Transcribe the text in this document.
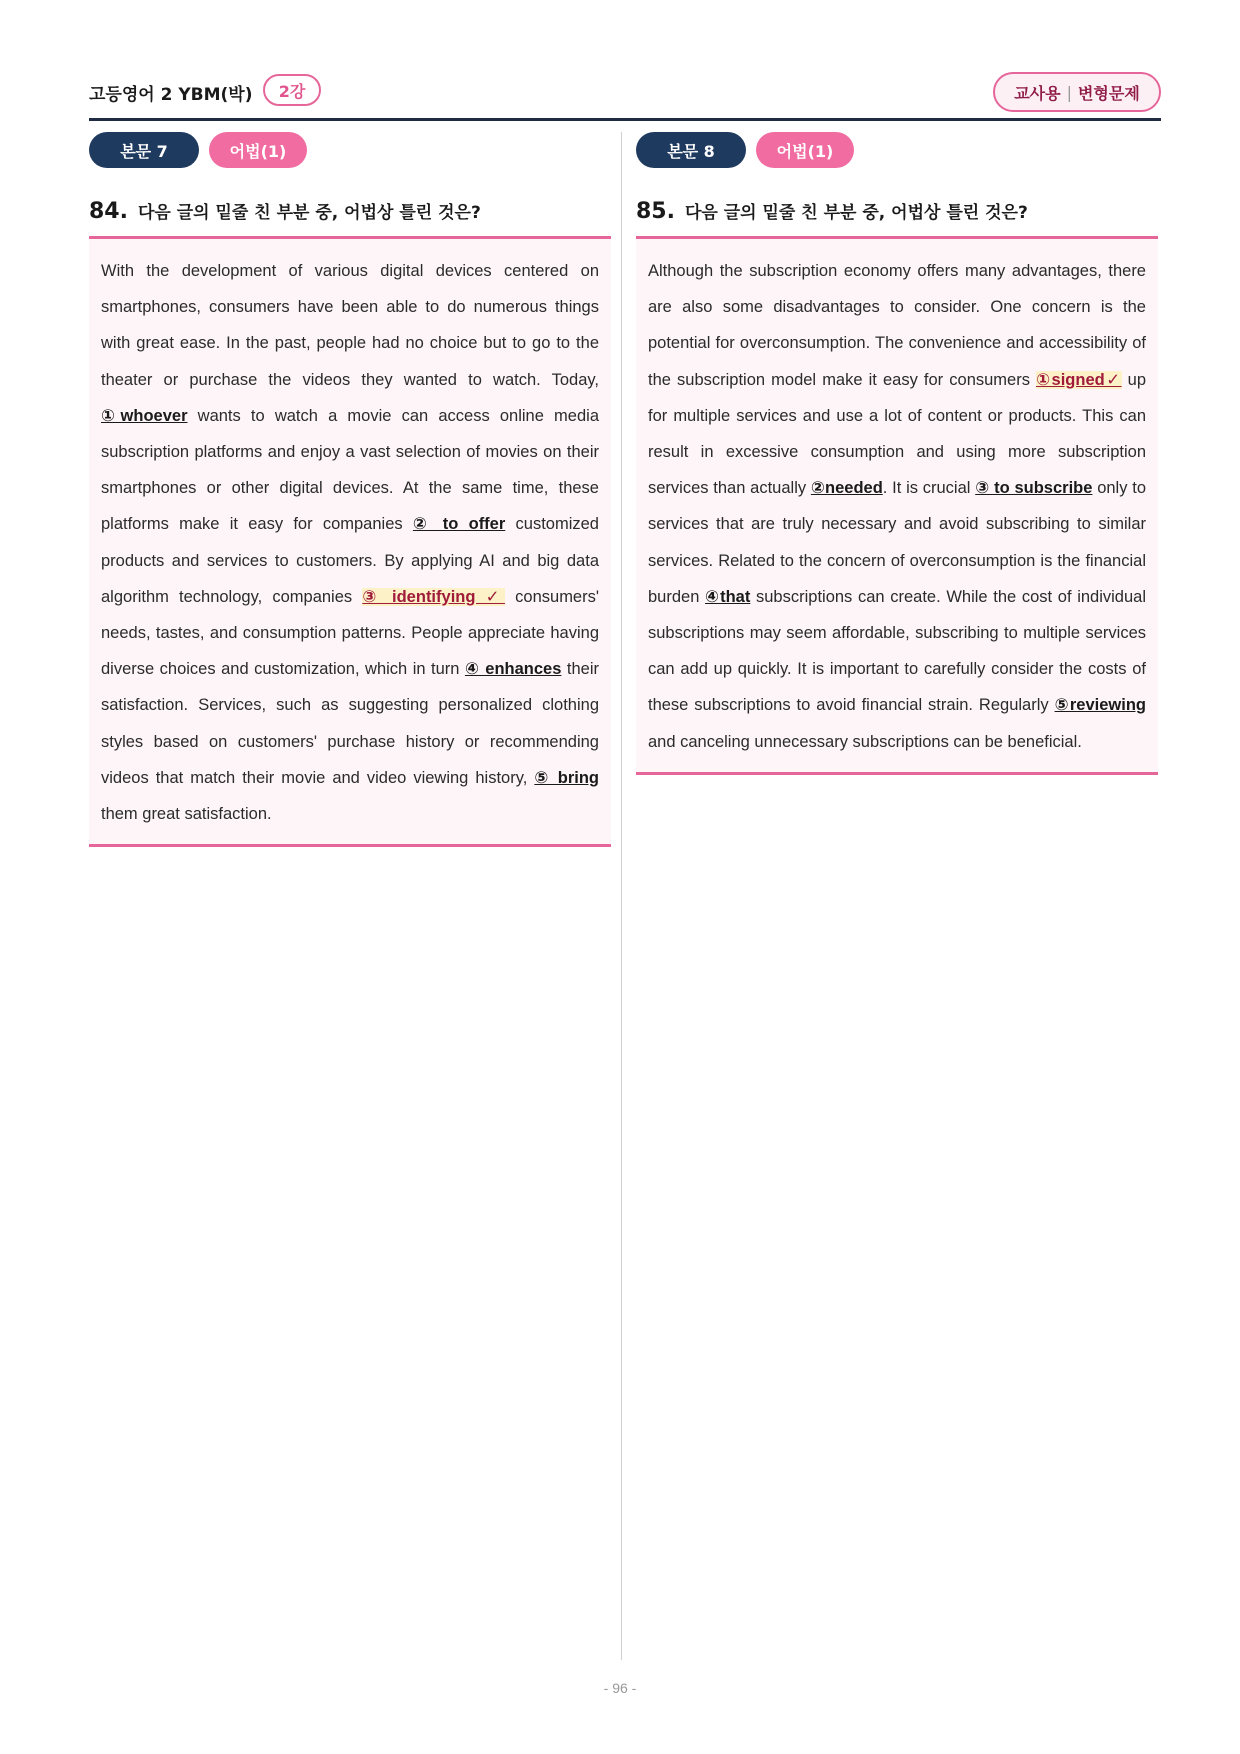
고등영어 2 YBM(박)	2강	교사용 | 변형문제
본문 7	어법(1)
84. 다음 글의 밑줄 친 부분 중, 어법상 틀린 것은?

With the development of various digital devices centered on smartphones, consumers have been able to do numerous things with great ease. In the past, people had no choice but to go to the theater or purchase the videos they wanted to watch. Today, ①whoever wants to watch a movie can access online media subscription platforms and enjoy a vast selection of movies on their smartphones or other digital devices. At the same time, these platforms make it easy for companies ② to offer customized products and services to customers. By applying AI and big data algorithm technology, companies ③ identifying ✓ consumers' needs, tastes, and consumption patterns. People appreciate having diverse choices and customization, which in turn ④ enhances their satisfaction. Services, such as suggesting personalized clothing styles based on customers' purchase history or recommending videos that match their movie and video viewing history, ⑤ bring them great satisfaction.

본문 8	어법(1)
85. 다음 글의 밑줄 친 부분 중, 어법상 틀린 것은?

Although the subscription economy offers many advantages, there are also some disadvantages to consider. One concern is the potential for overconsumption. The convenience and accessibility of the subscription model make it easy for consumers ①signed✓ up for multiple services and use a lot of content or products. This can result in excessive consumption and using more subscription services than actually ②needed. It is crucial ③ to subscribe only to services that are truly necessary and avoid subscribing to similar services. Related to the concern of overconsumption is the financial burden ④that subscriptions can create. While the cost of individual subscriptions may seem affordable, subscribing to multiple services can add up quickly. It is important to carefully consider the costs of these subscriptions to avoid financial strain. Regularly ⑤reviewing and canceling unnecessary subscriptions can be beneficial.

- 96 -
